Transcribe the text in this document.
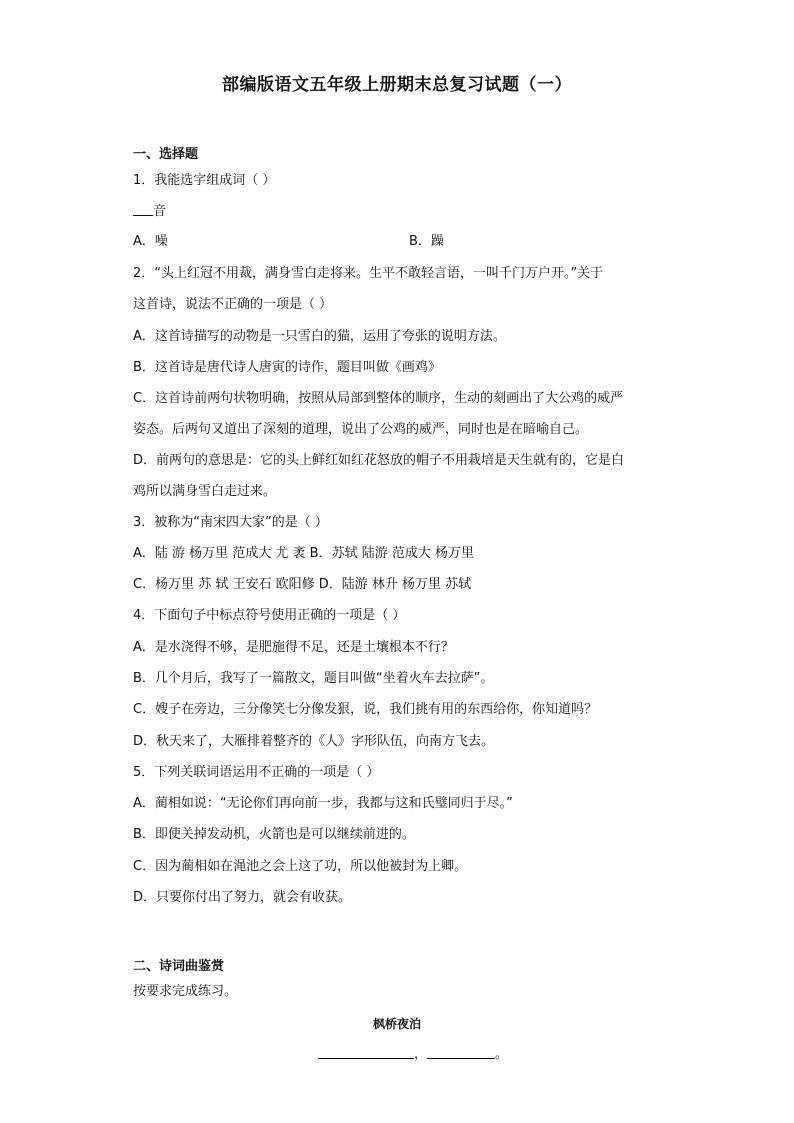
部编版语文五年级上册期末总复习试题（一）
一、选择题
1．我能选字组成词（ ）
音
A．噪	B．躁
2．“头上红冠不用裁，满身雪白走将来。生平不敢轻言语，一叫千门万户开。”关于
这首诗，说法不正确的一项是（ ）
A．这首诗描写的动物是一只雪白的猫，运用了夸张的说明方法。
B．这首诗是唐代诗人唐寅的诗作，题目叫做《画鸡》
C．这首诗前两句状物明确，按照从局部到整体的顺序，生动的刻画出了大公鸡的威严
姿态。后两句又道出了深刻的道理，说出了公鸡的威严，同时也是在暗喻自己。
D．前两句的意思是：它的头上鲜红如红花怒放的帽子不用栽培是天生就有的，它是白
鸡所以满身雪白走过来。
3．被称为“南宋四大家”的是（ ）
A．陆 游 杨万里 范成大 尤 袤 B．苏轼 陆游 范成大 杨万里
C．杨万里 苏 轼 王安石 欧阳修 D．陆游 林升 杨万里 苏轼
4．下面句子中标点符号使用正确的一项是（ ）
A．是水浇得不够，是肥施得不足，还是土壤根本不行？
B．几个月后，我写了一篇散文，题目叫做“坐着火车去拉萨”。
C．嫂子在旁边，三分像笑七分像发狠，说，我们挑有用的东西给你，你知道吗？
D．秋天来了，大雁排着整齐的《人》字形队伍，向南方飞去。
5．下列关联词语运用不正确的一项是（ ）
A．蔺相如说：“无论你们再向前一步，我都与这和氏璧同归于尽。”
B．即使关掉发动机，火箭也是可以继续前进的。
C．因为蔺相如在渑池之会上这了功，所以他被封为上卿。
D．只要你付出了努力，就会有收获。
二、诗词曲鉴赏
按要求完成练习。
枫桥夜泊
，	。
